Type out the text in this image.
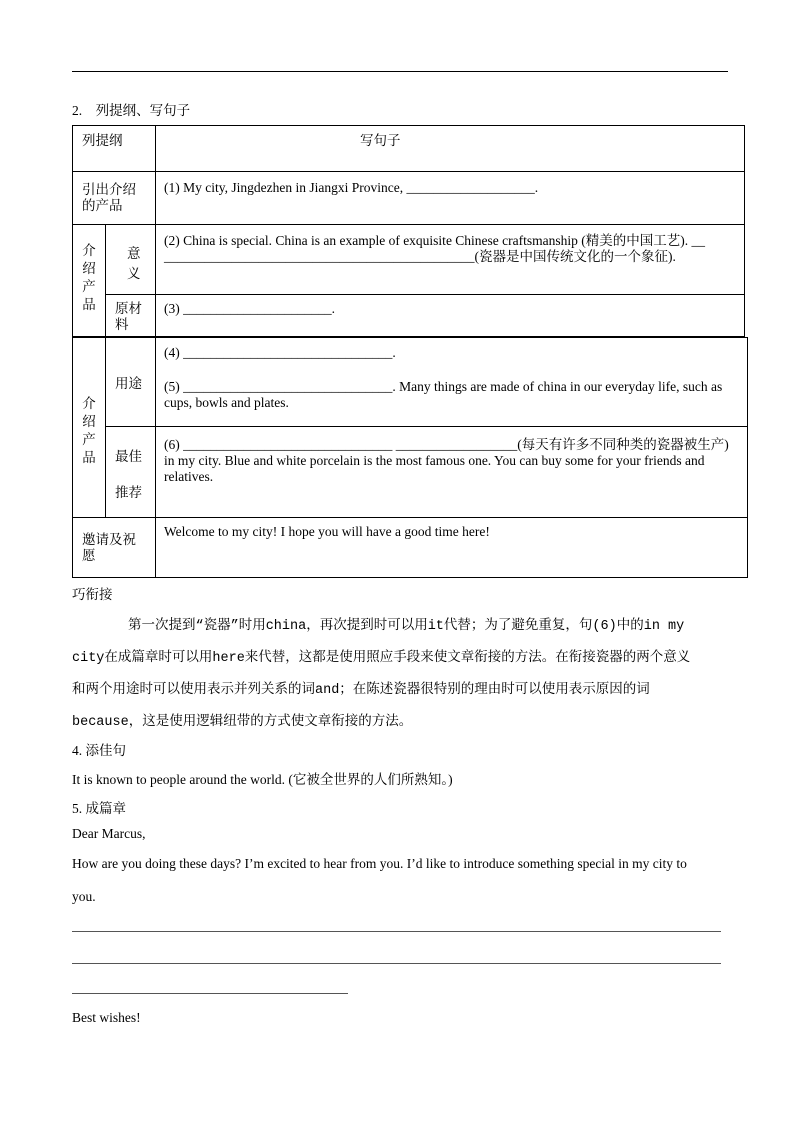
2.　列提纲、写句子
列提纲	写句子
引出介绍的产品
(1) My city, Jingdezhen in Jiangxi Province, ___________________.
介绍产品
意义
(2) China is special. China is an example of exquisite Chinese craftsmanship (精美的中国工艺). __ ______________________________________________(瓷器是中国传统文化的一个象征).
原材料
(3) ______________________.
介绍产品
用途
(4) _______________________________.
(5) _______________________________. Many things are made of china in our everyday life, such as cups, bowls and plates.
最佳
推荐
(6) _______________________________ __________________(每天有许多不同种类的瓷器被生产) in my city. Blue and white porcelain is the most famous one. You can buy some for your friends and relatives.
邀请及祝愿
Welcome to my city! I hope you will have a good time here!
巧衔接
第一次提到“瓷器”时用china，再次提到时可以用it代替；为了避免重复，句(6)中的in my
city在成篇章时可以用here来代替，这都是使用照应手段来使文章衔接的方法。在衔接瓷器的两个意义
和两个用途时可以使用表示并列关系的词and；在陈述瓷器很特别的理由时可以使用表示原因的词
because，这是使用逻辑纽带的方式使文章衔接的方法。
4. 添佳句
It is known to people around the world. (它被全世界的人们所熟知。)
5. 成篇章
Dear Marcus,
How are you doing these days? I’m excited to hear from you. I’d like to introduce something special in my city to
you.
Best wishes!
